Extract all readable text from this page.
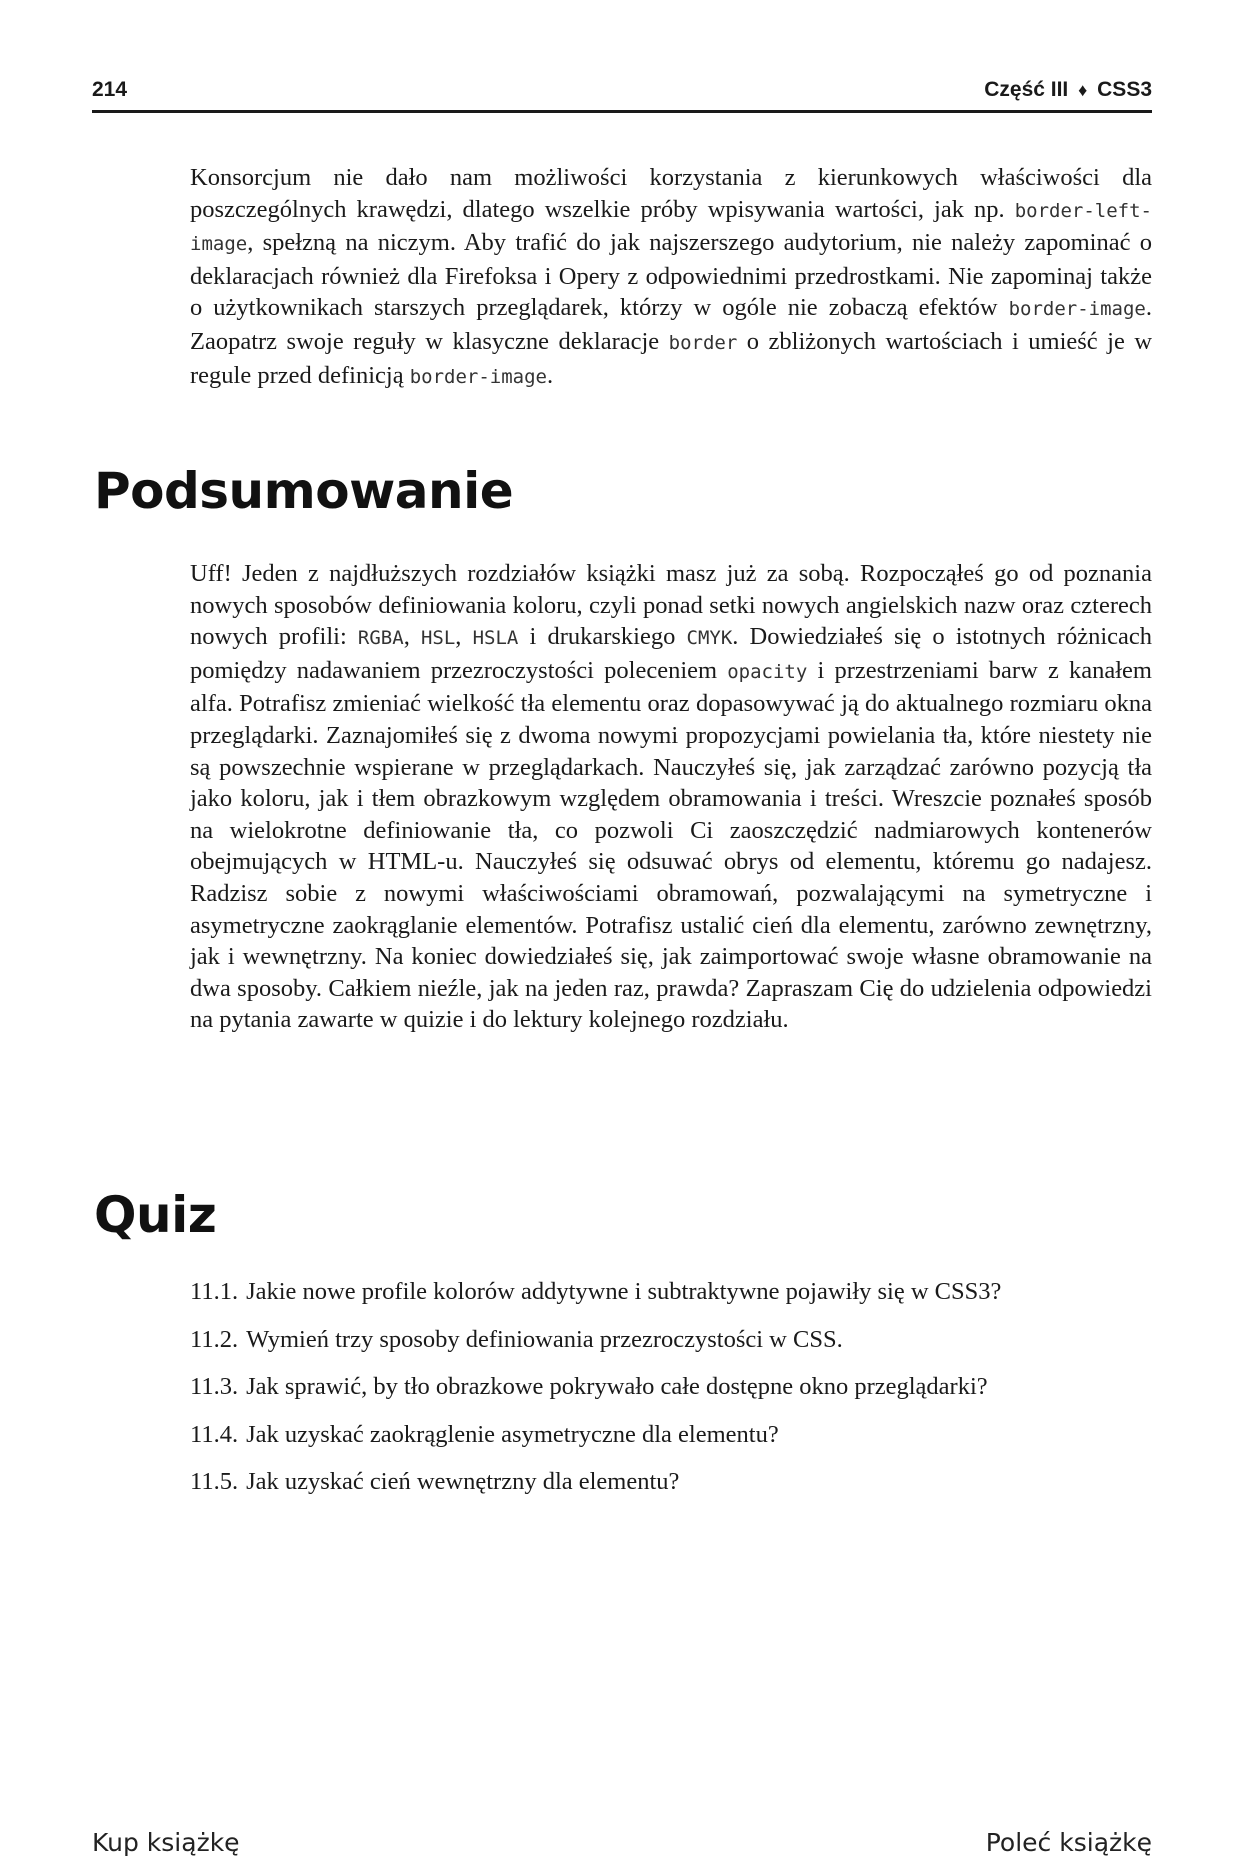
214	Część III ♦ CSS3

Konsorcjum nie dało nam możliwości korzystania z kierunkowych właściwości dla poszczególnych krawędzi, dlatego wszelkie próby wpisywania wartości, jak np. border-left-image, spełzną na niczym. Aby trafić do jak najszerszego audytorium, nie należy zapominać o deklaracjach również dla Firefoksa i Opery z odpowiednimi przedrostkami. Nie zapominaj także o użytkownikach starszych przeglądarek, którzy w ogóle nie zobaczą efektów border-image. Zaopatrz swoje reguły w klasyczne deklaracje border o zbliżonych wartościach i umieść je w regule przed definicją border-image.

Podsumowanie

Uff! Jeden z najdłuższych rozdziałów książki masz już za sobą. Rozpocząłeś go od poznania nowych sposobów definiowania koloru, czyli ponad setki nowych angielskich nazw oraz czterech nowych profili: RGBA, HSL, HSLA i drukarskiego CMYK. Dowiedziałeś się o istotnych różnicach pomiędzy nadawaniem przezroczystości poleceniem opacity i przestrzeniami barw z kanałem alfa. Potrafisz zmieniać wielkość tła elementu oraz dopasowywać ją do aktualnego rozmiaru okna przeglądarki. Zaznajomiłeś się z dwoma nowymi propozycjami powielania tła, które niestety nie są powszechnie wspierane w przeglądarkach. Nauczyłeś się, jak zarządzać zarówno pozycją tła jako koloru, jak i tłem obrazkowym względem obramowania i treści. Wreszcie poznałeś sposób na wielokrotne definiowanie tła, co pozwoli Ci zaoszczędzić nadmiarowych kontenerów obejmujących w HTML-u. Nauczyłeś się odsuwać obrys od elementu, któremu go nadajesz. Radzisz sobie z nowymi właściwościami obramowań, pozwalającymi na symetryczne i asymetryczne zaokrąglanie elementów. Potrafisz ustalić cień dla elementu, zarówno zewnętrzny, jak i wewnętrzny. Na koniec dowiedziałeś się, jak zaimportować swoje własne obramowanie na dwa sposoby. Całkiem nieźle, jak na jeden raz, prawda? Zapraszam Cię do udzielenia odpowiedzi na pytania zawarte w quizie i do lektury kolejnego rozdziału.

Quiz
11.1. Jakie nowe profile kolorów addytywne i subtraktywne pojawiły się w CSS3?
11.2. Wymień trzy sposoby definiowania przezroczystości w CSS.
11.3. Jak sprawić, by tło obrazkowe pokrywało całe dostępne okno przeglądarki?
11.4. Jak uzyskać zaokrąglenie asymetryczne dla elementu?
11.5. Jak uzyskać cień wewnętrzny dla elementu?
Kup książkę	Poleć książkę
